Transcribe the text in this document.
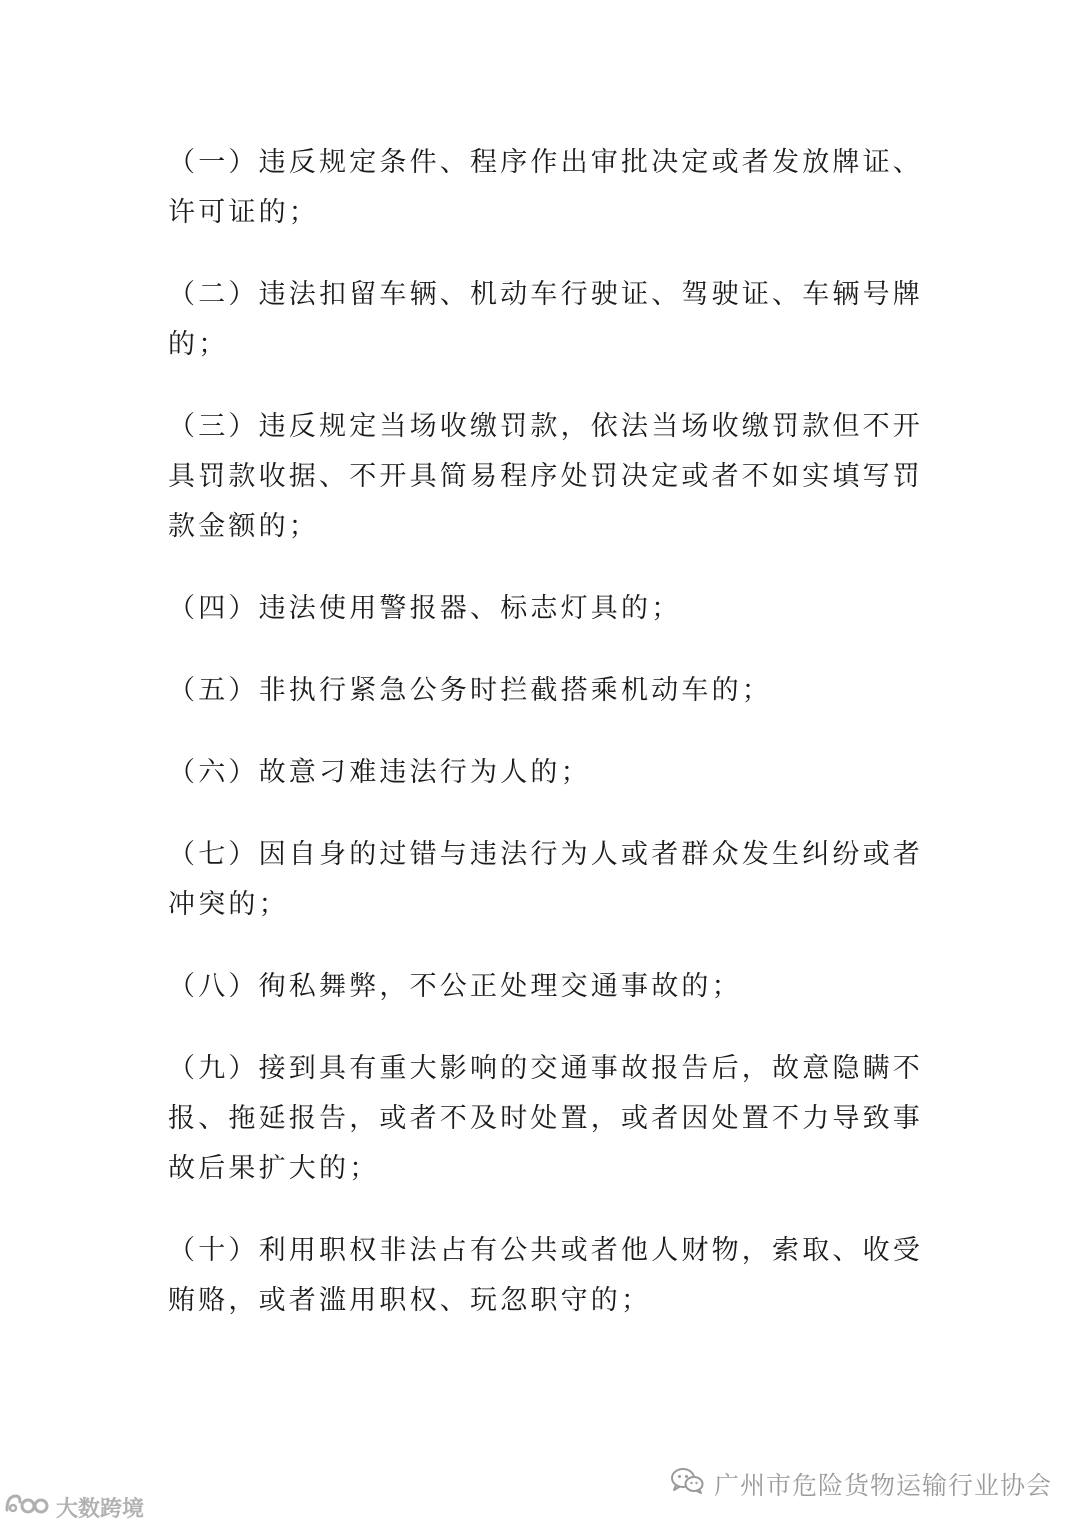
（一）违反规定条件、程序作出审批决定或者发放牌证、许可证的；

（二）违法扣留车辆、机动车行驶证、驾驶证、车辆号牌的；

（三）违反规定当场收缴罚款，依法当场收缴罚款但不开具罚款收据、不开具简易程序处罚决定或者不如实填写罚款金额的；

（四）违法使用警报器、标志灯具的；

（五）非执行紧急公务时拦截搭乘机动车的；

（六）故意刁难违法行为人的；

（七）因自身的过错与违法行为人或者群众发生纠纷或者冲突的；

（八）徇私舞弊，不公正处理交通事故的；

（九）接到具有重大影响的交通事故报告后，故意隐瞒不报、拖延报告，或者不及时处置，或者因处置不力导致事故后果扩大的；

（十）利用职权非法占有公共或者他人财物，索取、收受贿赂，或者滥用职权、玩忽职守的；

广州市危险货物运输行业协会
大数跨境
